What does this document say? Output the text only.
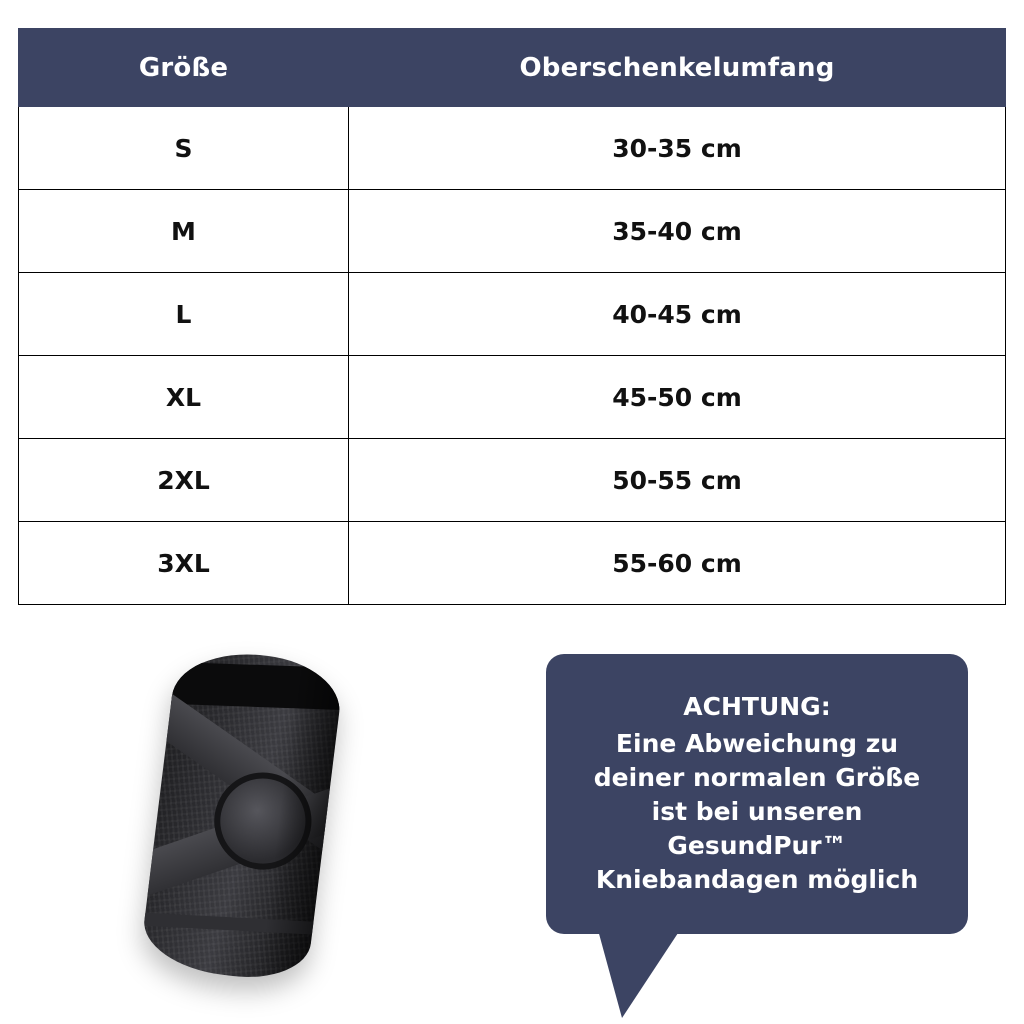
Größe	Oberschenkelumfang
S	30-35 cm
M	35-40 cm
L	40-45 cm
XL	45-50 cm
2XL	50-55 cm
3XL	55-60 cm
ACHTUNG:
Eine Abweichung zu deiner normalen Größe ist bei unseren GesundPur™ Kniebandagen möglich
